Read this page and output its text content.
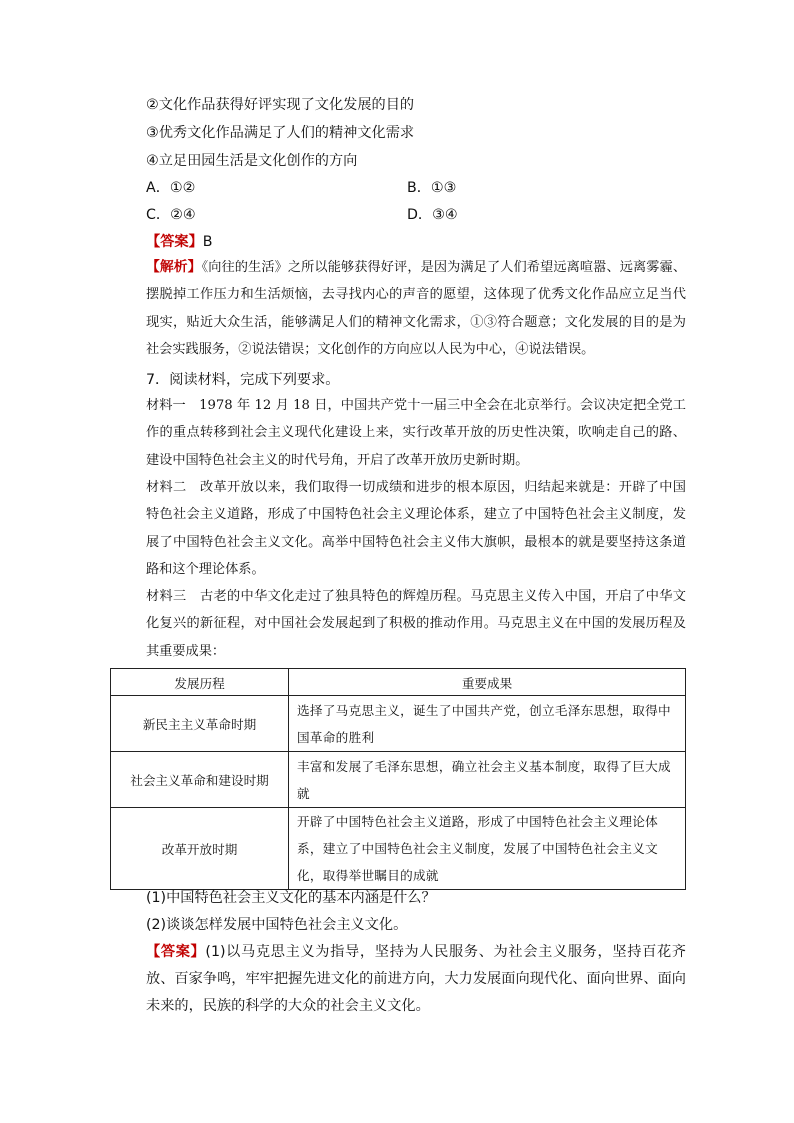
②文化作品获得好评实现了文化发展的目的
③优秀文化作品满足了人们的精神文化需求
④立足田园生活是文化创作的方向
A．①②	B．①③
C．②④	D．③④
【答案】B
【解析】《向往的生活》之所以能够获得好评，是因为满足了人们希望远离喧嚣、远离雾霾、摆脱掉工作压力和生活烦恼，去寻找内心的声音的愿望，这体现了优秀文化作品应立足当代现实，贴近大众生活，能够满足人们的精神文化需求，①③符合题意；文化发展的目的是为社会实践服务，②说法错误；文化创作的方向应以人民为中心，④说法错误。
7．阅读材料，完成下列要求。
材料一　1978 年 12 月 18 日，中国共产党十一届三中全会在北京举行。会议决定把全党工作的重点转移到社会主义现代化建设上来，实行改革开放的历史性决策，吹响走自己的路、建设中国特色社会主义的时代号角，开启了改革开放历史新时期。
材料二　改革开放以来，我们取得一切成绩和进步的根本原因，归结起来就是：开辟了中国特色社会主义道路，形成了中国特色社会主义理论体系，建立了中国特色社会主义制度，发展了中国特色社会主义文化。高举中国特色社会主义伟大旗帜，最根本的就是要坚持这条道路和这个理论体系。
材料三　古老的中华文化走过了独具特色的辉煌历程。马克思主义传入中国，开启了中华文化复兴的新征程，对中国社会发展起到了积极的推动作用。马克思主义在中国的发展历程及其重要成果：
发展历程	重要成果
新民主主义革命时期	选择了马克思主义，诞生了中国共产党，创立毛泽东思想，取得中国革命的胜利
社会主义革命和建设时期	丰富和发展了毛泽东思想，确立社会主义基本制度，取得了巨大成就
改革开放时期	开辟了中国特色社会主义道路，形成了中国特色社会主义理论体系，建立了中国特色社会主义制度，发展了中国特色社会主义文化，取得举世瞩目的成就
(1)中国特色社会主义文化的基本内涵是什么？
(2)谈谈怎样发展中国特色社会主义文化。
【答案】(1)以马克思主义为指导，坚持为人民服务、为社会主义服务，坚持百花齐放、百家争鸣，牢牢把握先进文化的前进方向，大力发展面向现代化、面向世界、面向未来的，民族的科学的大众的社会主义文化。
